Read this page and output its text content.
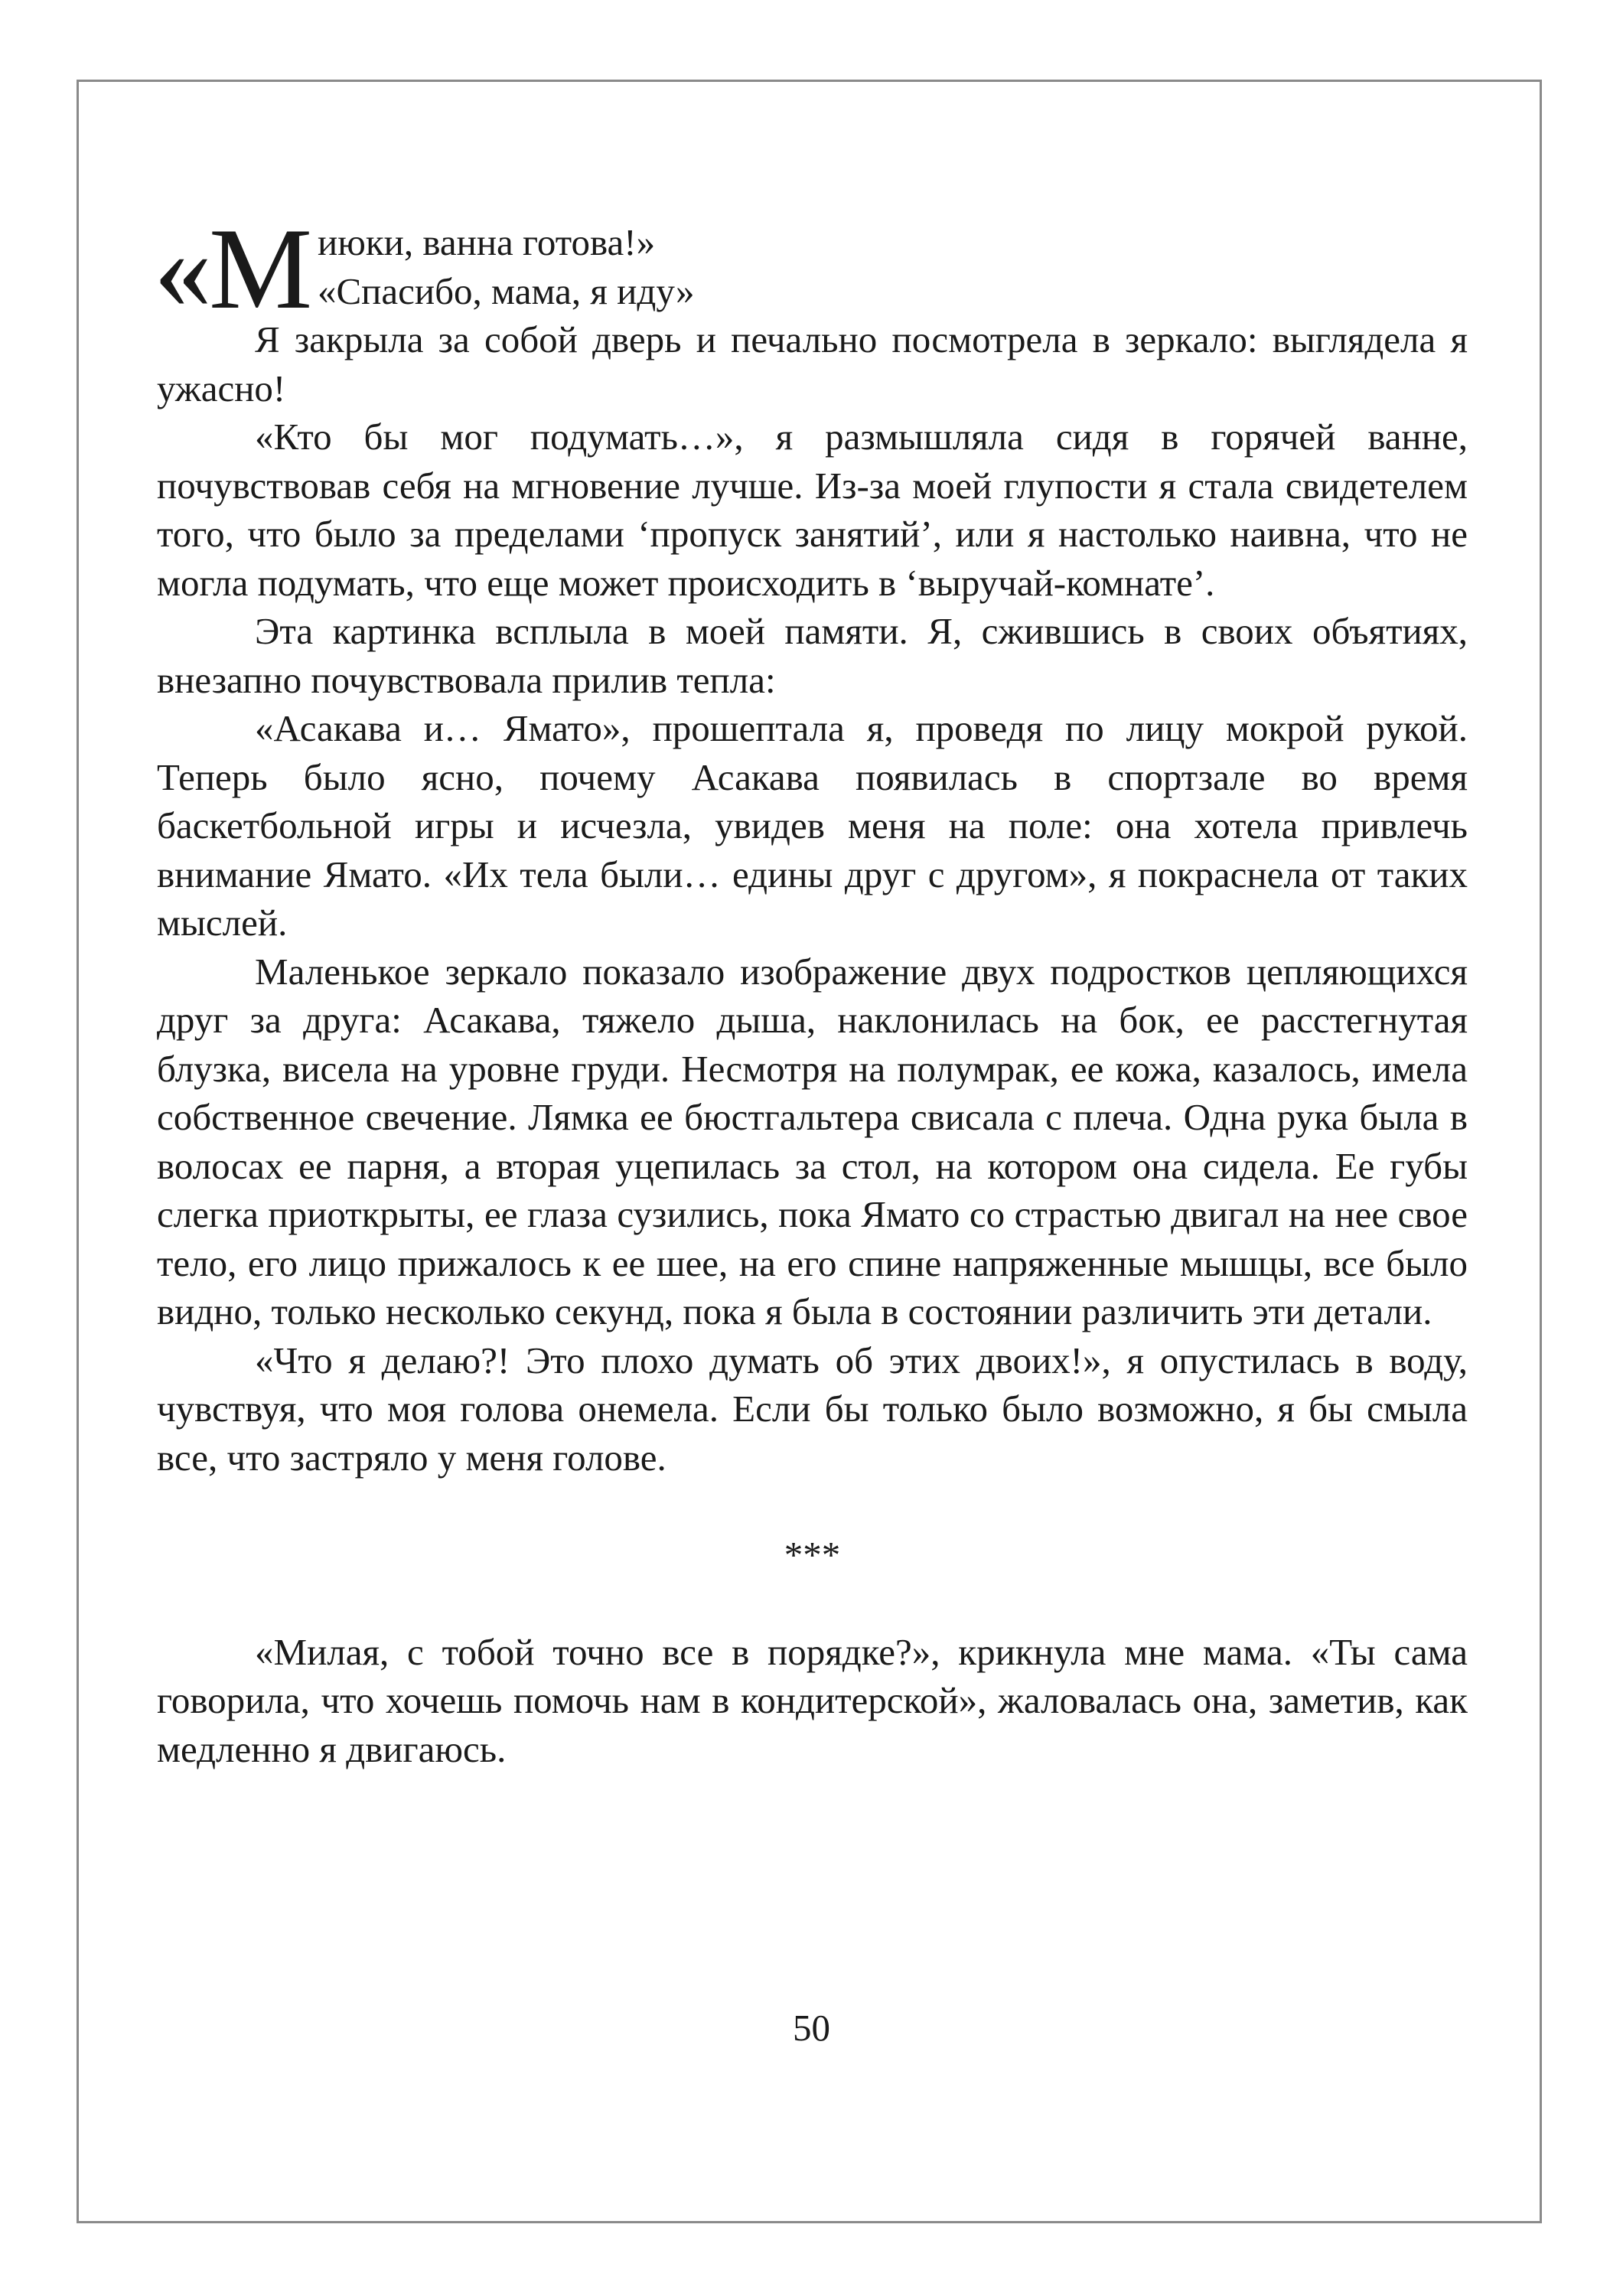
«М июки, ванна готова!»

«Спасибо, мама, я иду»

Я закрыла за собой дверь и печально посмотрела в зеркало: выглядела я ужасно!

«Кто бы мог подумать…», я размышляла сидя в горячей ванне, почувствовав себя на мгновение лучше. Из-за моей глупости я стала свидетелем того, что было за пределами ‘пропуск занятий’, или я настолько наивна, что не могла подумать, что еще может происходить в ‘выручай-комнате’.

Эта картинка всплыла в моей памяти. Я, сжившись в своих объятиях, внезапно почувствовала прилив тепла:

«Асакава и… Ямато», прошептала я, проведя по лицу мокрой рукой. Теперь было ясно, почему Асакава появилась в спортзале во время баскетбольной игры и исчезла, увидев меня на поле: она хотела привлечь внимание Ямато. «Их тела были… едины друг с другом», я покраснела от таких мыслей.

Маленькое зеркало показало изображение двух подростков цепляющихся друг за друга: Асакава, тяжело дыша, наклонилась на бок, ее расстегнутая блузка, висела на уровне груди. Несмотря на полумрак, ее кожа, казалось, имела собственное свечение. Лямка ее бюстгальтера свисала с плеча. Одна рука была в волосах ее парня, а вторая уцепилась за стол, на котором она сидела. Ее губы слегка приоткрыты, ее глаза сузились, пока Ямато со страстью двигал на нее свое тело, его лицо прижалось к ее шее, на его спине напряженные мышцы, все было видно, только несколько секунд, пока я была в состоянии различить эти детали.

«Что я делаю?! Это плохо думать об этих двоих!», я опустилась в воду, чувствуя, что моя голова онемела. Если бы только было возможно, я бы смыла все, что застряло у меня голове.

***

«Милая, с тобой точно все в порядке?», крикнула мне мама. «Ты сама говорила, что хочешь помочь нам в кондитерской», жаловалась она, заметив, как медленно я двигаюсь.

50
